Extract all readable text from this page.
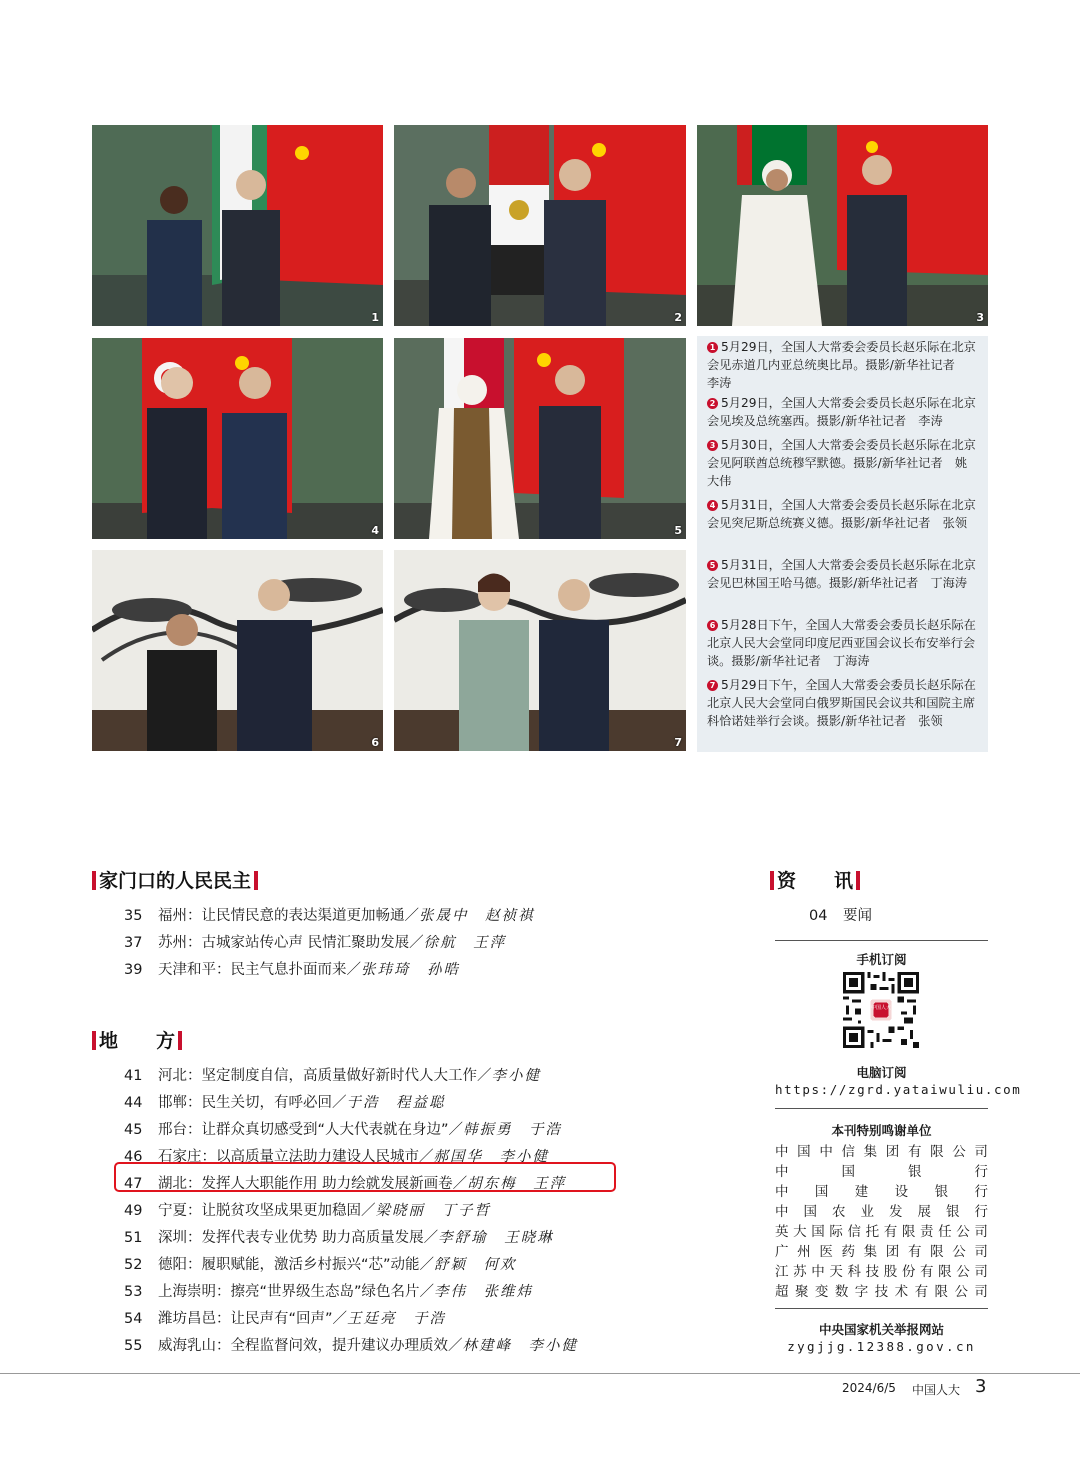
1	2	3
4	5
6	7
1 5月29日，全国人大常委会委员长赵乐际在北京会见赤道几内亚总统奥比昂。摄影/新华社记者　李涛
2 5月29日，全国人大常委会委员长赵乐际在北京会见埃及总统塞西。摄影/新华社记者　李涛
3 5月30日，全国人大常委会委员长赵乐际在北京会见阿联酋总统穆罕默德。摄影/新华社记者　姚大伟
4 5月31日，全国人大常委会委员长赵乐际在北京会见突尼斯总统赛义德。摄影/新华社记者　张领
5 5月31日，全国人大常委会委员长赵乐际在北京会见巴林国王哈马德。摄影/新华社记者　丁海涛
6 5月28日下午，全国人大常委会委员长赵乐际在北京人民大会堂同印度尼西亚国会议长布安举行会谈。摄影/新华社记者　丁海涛
7 5月29日下午，全国人大常委会委员长赵乐际在北京人民大会堂同白俄罗斯国民会议共和国院主席科恰诺娃举行会谈。摄影/新华社记者　张领
家门口的人民民主
35 福州：让民情民意的表达渠道更加畅通／张晟中　赵祯祺
37 苏州：古城家站传心声 民情汇聚助发展／徐航　王萍
39 天津和平：民主气息扑面而来／张玮琦　孙晧
地　　方
41 河北：坚定制度自信，高质量做好新时代人大工作／李小健
44 邯郸：民生关切，有呼必回／于浩　程益聪
45 邢台：让群众真切感受到“人大代表就在身边”／韩振勇　于浩
46 石家庄：以高质量立法助力建设人民城市／郝国华　李小健
47 湖北：发挥人大职能作用 助力绘就发展新画卷／胡东梅　王萍
49 宁夏：让脱贫攻坚成果更加稳固／梁晓丽　丁子哲
51 深圳：发挥代表专业优势 助力高质量发展／李舒瑜　王晓琳
52 德阳：履职赋能，激活乡村振兴“芯”动能／舒颖　何欢
53 上海崇明：擦亮“世界级生态岛”绿色名片／李伟　张维炜
54 潍坊昌邑：让民声有“回声”／王廷亮　于浩
55 威海乳山：全程监督问效，提升建议办理质效／林建峰　李小健
资　　讯
04 要闻
手机订阅
中国人大
电脑订阅
https://zgrd.yataiwuliu.com
本刊特别鸣谢单位
中 国 中 信 集 团 有 限 公 司
中	国	银	行
中 国 建 设 银 行
中 国 农 业 发 展 银 行
英 大 国 际 信 托 有 限 责 任 公 司
广 州 医 药 集 团 有 限 公 司
江 苏 中 天 科 技 股 份 有 限 公 司
超 聚 变 数 字 技 术 有 限 公 司
中央国家机关举报网站
zygjjg.12388.gov.cn
2024/6/5 中国人大 3
